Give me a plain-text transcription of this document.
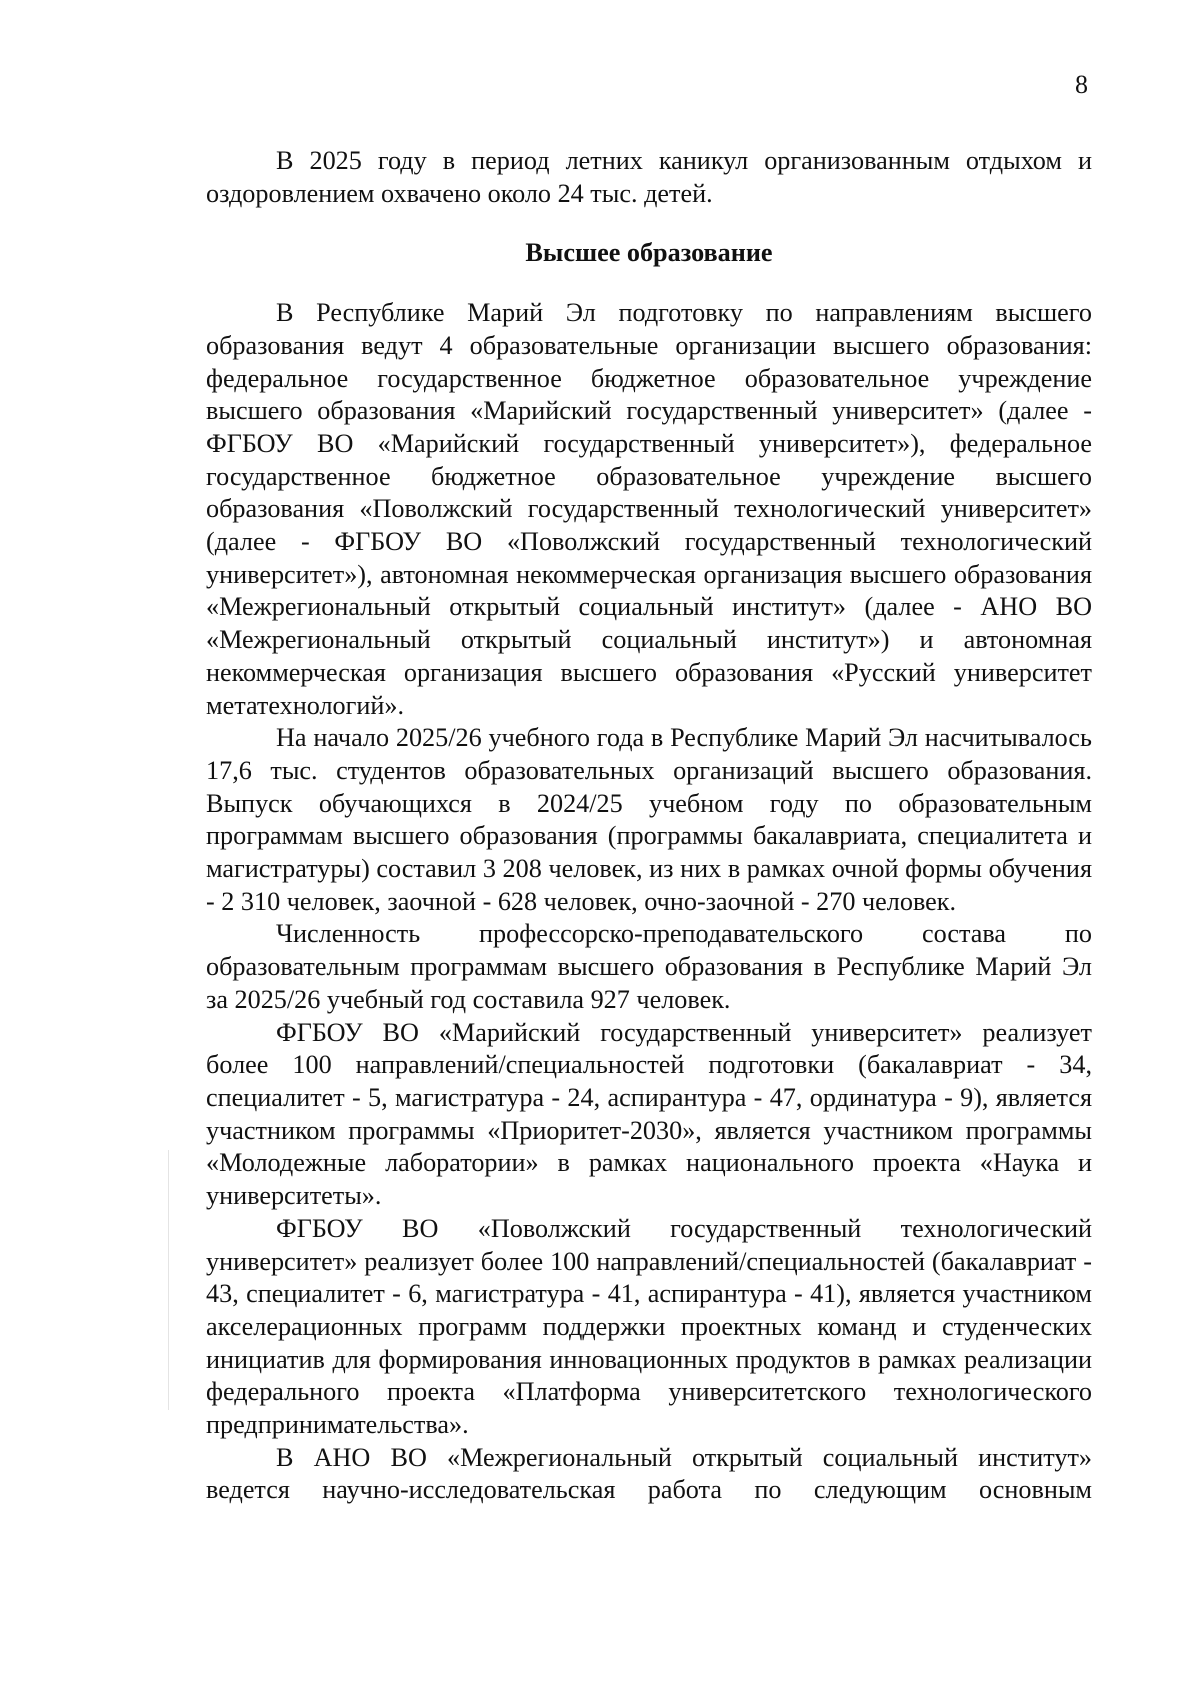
8

В 2025 году в период летних каникул организованным отдыхом и оздоровлением охвачено около 24 тыс. детей.

Высшее образование

В Республике Марий Эл подготовку по направлениям высшего образования ведут 4 образовательные организации высшего образования: федеральное государственное бюджетное образовательное учреждение высшего образования «Марийский государственный университет» (далее - ФГБОУ ВО «Марийский государственный университет»), федеральное государственное бюджетное образовательное учреждение высшего образования «Поволжский государственный технологический университет» (далее - ФГБОУ ВО «Поволжский государственный технологический университет»), автономная некоммерческая организация высшего образования «Межрегиональный открытый социальный институт» (далее - АНО ВО «Межрегиональный открытый социальный институт») и автономная некоммерческая организация высшего образования «Русский университет метатехнологий».

На начало 2025/26 учебного года в Республике Марий Эл насчитывалось 17,6 тыс. студентов образовательных организаций высшего образования. Выпуск обучающихся в 2024/25 учебном году по образовательным программам высшего образования (программы бакалавриата, специалитета и магистратуры) составил 3 208 человек, из них в рамках очной формы обучения - 2 310 человек, заочной - 628 человек, очно-заочной - 270 человек.

Численность профессорско-преподавательского состава по образовательным программам высшего образования в Республике Марий Эл за 2025/26 учебный год составила 927 человек.

ФГБОУ ВО «Марийский государственный университет» реализует более 100 направлений/специальностей подготовки (бакалавриат - 34, специалитет - 5, магистратура - 24, аспирантура - 47, ординатура - 9), является участником программы «Приоритет-2030», является участником программы «Молодежные лаборатории» в рамках национального проекта «Наука и университеты».

ФГБОУ ВО «Поволжский государственный технологический университет» реализует более 100 направлений/специальностей (бакалавриат - 43, специалитет - 6, магистратура - 41, аспирантура - 41), является участником акселерационных программ поддержки проектных команд и студенческих инициатив для формирования инновационных продуктов в рамках реализации федерального проекта «Платформа университетского технологического предпринимательства».

В АНО ВО «Межрегиональный открытый социальный институт» ведется научно-исследовательская работа по следующим основным
